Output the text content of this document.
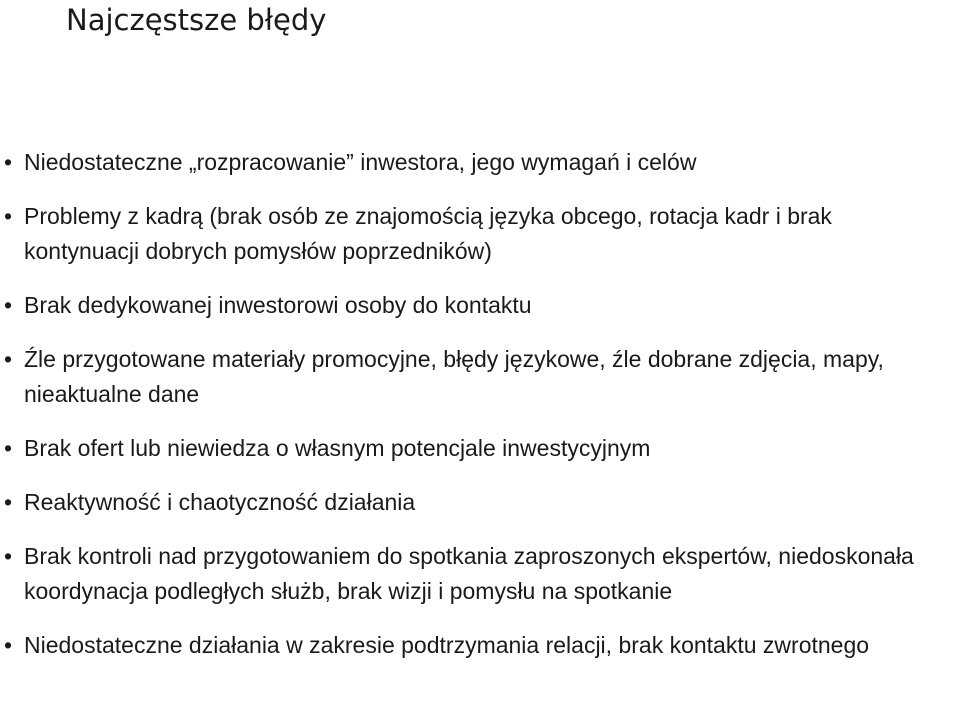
Najczęstsze błędy
• Niedostateczne „rozpracowanie” inwestora, jego wymagań i celów
• Problemy z kadrą (brak osób ze znajomością języka obcego, rotacja kadr i brak kontynuacji dobrych pomysłów poprzedników)
• Brak dedykowanej inwestorowi osoby do kontaktu
• Źle przygotowane materiały promocyjne, błędy językowe, źle dobrane zdjęcia, mapy, nieaktualne dane
• Brak ofert lub niewiedza o własnym potencjale inwestycyjnym
• Reaktywność i chaotyczność działania
• Brak kontroli nad przygotowaniem do spotkania zaproszonych ekspertów, niedoskonała koordynacja podległych służb, brak wizji i pomysłu na spotkanie
• Niedostateczne działania w zakresie podtrzymania relacji, brak kontaktu zwrotnego
